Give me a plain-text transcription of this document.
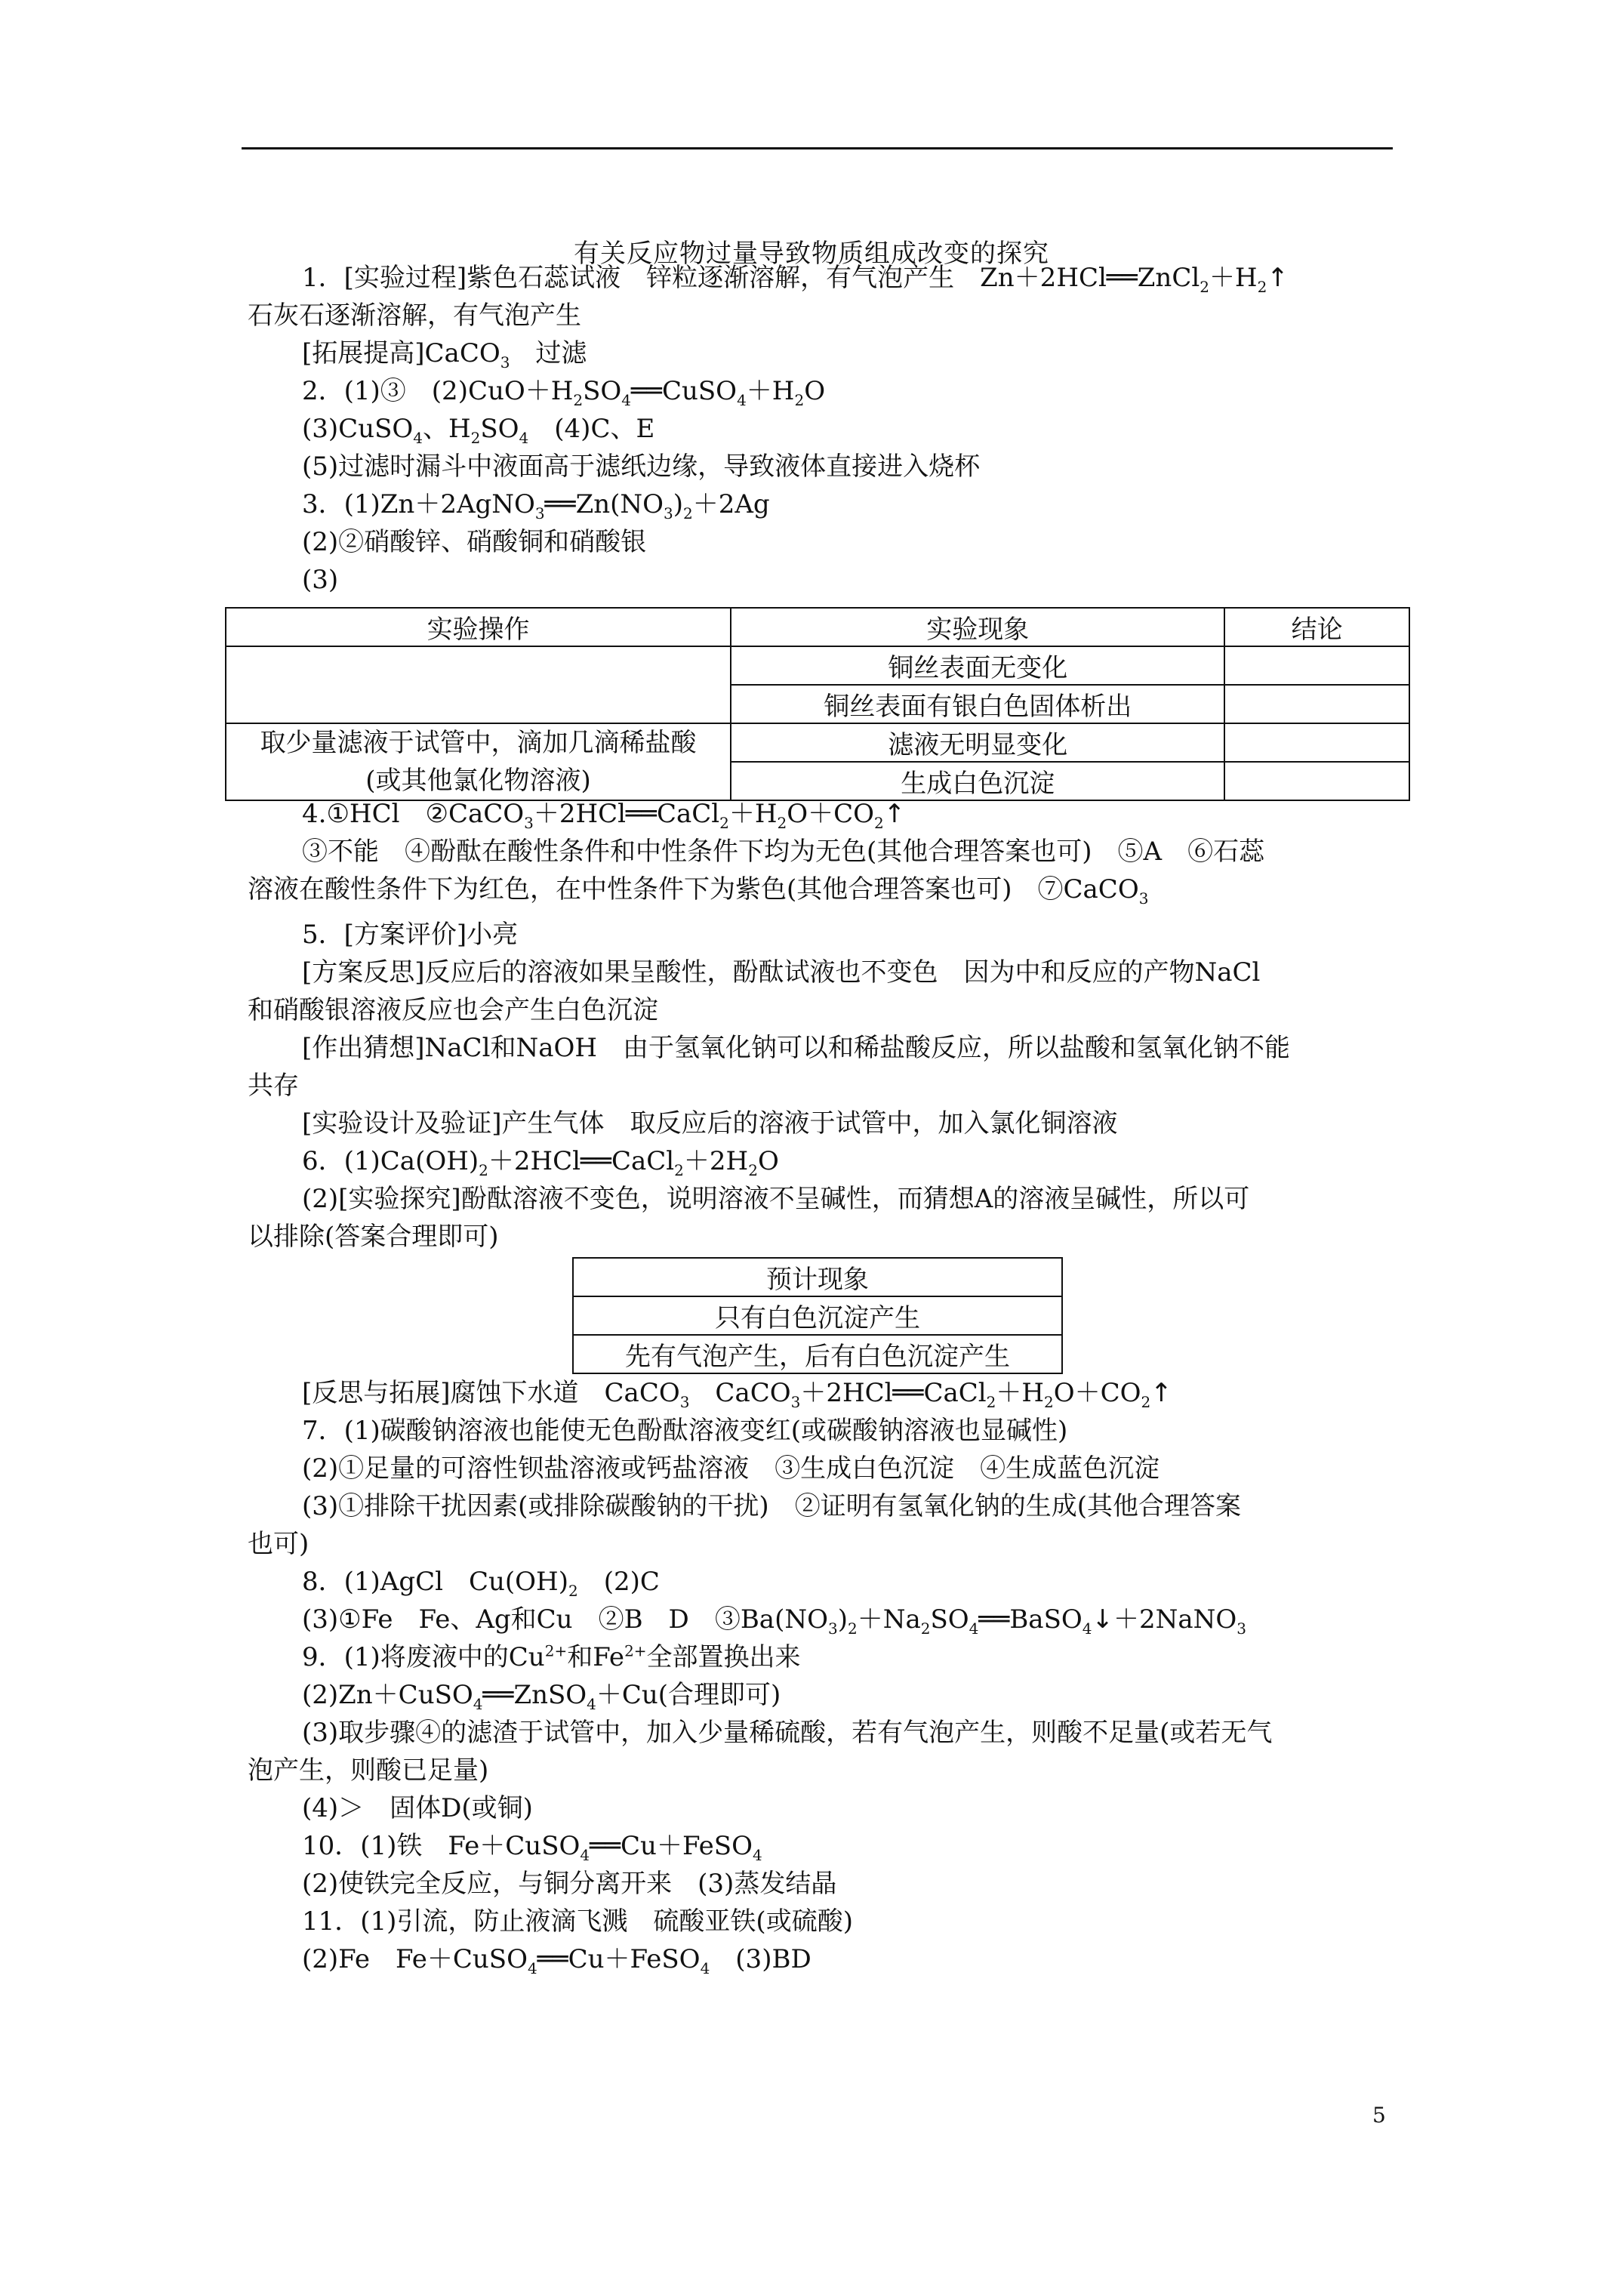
有关反应物过量导致物质组成改变的探究
1．[实验过程]紫色石蕊试液　锌粒逐渐溶解，有气泡产生　$Zn+2HCl══ZnCl_2+H_2↑$
石灰石逐渐溶解，有气泡产生
[拓展提高]CaCO$_3$　过滤
2．(1)③　$(2)CuO+H_2SO_4══CuSO_4+H_2O$
(3)CuSO$_4$、$H_2SO_4$　(4)C、E
(5)过滤时漏斗中液面高于滤纸边缘，导致液体直接进入烧杯
3．$(1)Zn+2AgNO_3══Zn(NO_3)_2+2Ag$
(2)②硝酸锌、硝酸铜和硝酸银
(3)
实验操作	实验现象	结论
	铜丝表面无变化	
	铜丝表面有银白色固体析出	

取少量滤液于试管中，滴加几滴稀盐酸
(或其他氯化物溶液)	滤液无明显变化	
	生成白色沉淀	
4.①HCl　$②CaCO_3+2HCl══CaCl_2+H_2O+CO_2↑$
③不能　④酚酞在酸性条件和中性条件下均为无色(其他合理答案也可)　⑤A　⑥石蕊
溶液在酸性条件下为红色，在中性条件下为紫色(其他合理答案也可)　⑦CaCO$_3$
5．[方案评价]小亮
[方案反思]反应后的溶液如果呈酸性，酚酞试液也不变色　因为中和反应的产物NaCl
和硝酸银溶液反应也会产生白色沉淀
[作出猜想]NaCl和NaOH　由于氢氧化钠可以和稀盐酸反应，所以盐酸和氢氧化钠不能
共存
[实验设计及验证]产生气体　取反应后的溶液于试管中，加入氯化铜溶液
6．$(1)Ca(OH)_2+2HCl══CaCl_2+2H_2O$
(2)[实验探究]酚酞溶液不变色，说明溶液不呈碱性，而猜想A的溶液呈碱性，所以可
以排除(答案合理即可)
预计现象
只有白色沉淀产生
先有气泡产生，后有白色沉淀产生
[反思与拓展]腐蚀下水道　CaCO$_3$　$CaCO_3+2HCl══CaCl_2+H_2O+CO_2↑$
7．(1)碳酸钠溶液也能使无色酚酞溶液变红(或碳酸钠溶液也显碱性)
(2)①足量的可溶性钡盐溶液或钙盐溶液　③生成白色沉淀　④生成蓝色沉淀
(3)①排除干扰因素(或排除碳酸钠的干扰)　②证明有氢氧化钠的生成(其他合理答案
也可)
8．(1)AgCl　$Cu(OH)_2$　(2)C
(3)①Fe　Fe、Ag和Cu　②B　D　$③Ba(NO_3)_2+Na_2SO_4══BaSO_4↓+2NaNO_3$
9．(1)将废液中的$Cu^{2+}$和$Fe^{2+}$全部置换出来
(2)Zn＋CuSO$_4$══ZnSO$_4$＋Cu(合理即可)
(3)取步骤④的滤渣于试管中，加入少量稀硫酸，若有气泡产生，则酸不足量(或若无气
泡产生，则酸已足量)
(4)＞　固体D(或铜)
10．(1)铁　Fe＋CuSO$_4$══Cu＋FeSO$_4$
(2)使铁完全反应，与铜分离开来　(3)蒸发结晶
11．(1)引流，防止液滴飞溅　硫酸亚铁(或硫酸)
(2)Fe　Fe＋CuSO$_4$══Cu＋FeSO$_4$　(3)BD
5
